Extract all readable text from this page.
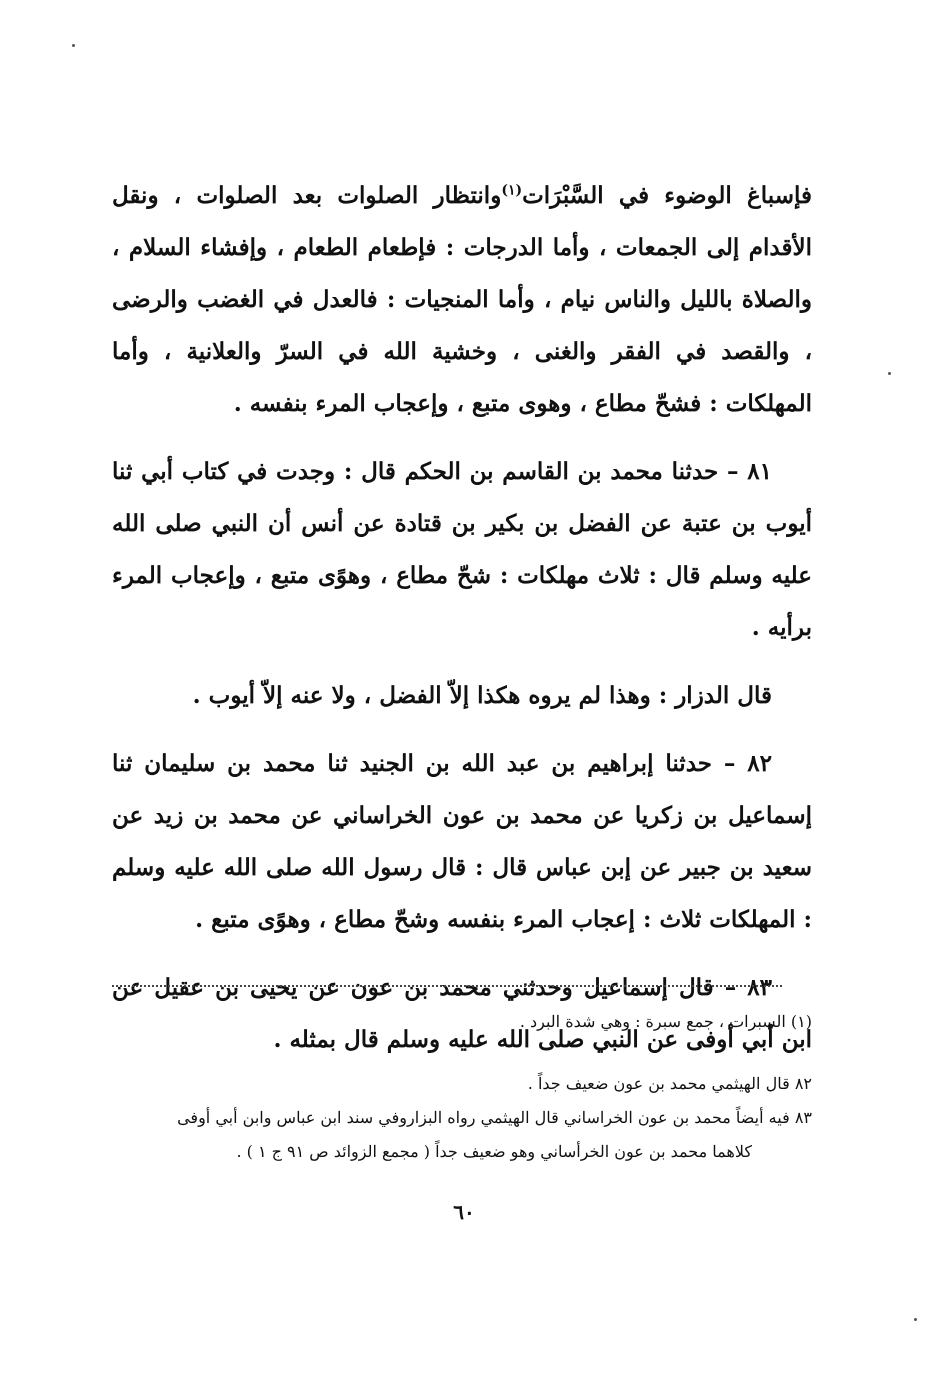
فإسباغ الوضوء في السَّبْرَات$^{(١)}$وانتظار الصلوات بعد الصلوات ، ونقل الأقدام إلى الجمعات ، وأما الدرجات : فإطعام الطعام ، وإفشاء السلام ، والصلاة بالليل والناس نيام ، وأما المنجيات : فالعدل في الغضب والرضى ، والقصد في الفقر والغنى ، وخشية الله في السرّ والعلانية ، وأما المهلكات : فشحّ مطاع ، وهوى متبع ، وإعجاب المرء بنفسه .

٨١ – حدثنا محمد بن القاسم بن الحكم قال : وجدت في كتاب أبي ثنا أيوب بن عتبة عن الفضل بن بكير بن قتادة عن أنس أن النبي صلى الله عليه وسلم قال : ثلاث مهلكات : شحّ مطاع ، وهوًى متبع ، وإعجاب المرء برأيه .

قال الدزار : وهذا لم يروه هكذا إلاّ الفضل ، ولا عنه إلاّ أيوب .

٨٢ – حدثنا إبراهيم بن عبد الله بن الجنيد ثنا محمد بن سليمان ثنا إسماعيل بن زكريا عن محمد بن عون الخراساني عن محمد بن زيد عن سعيد بن جبير عن إبن عباس قال : قال رسول الله صلى الله عليه وسلم : المهلكات ثلاث : إعجاب المرء بنفسه وشحّ مطاع ، وهوًى متبع .

٨٣ – قال إسماعيل وحدثني محمد بن عون عن يحيى بن عقيل عن ابن أبي أوفى عن النبي صلى الله عليه وسلم قال بمثله .

(١) السبرات ، جمع سبرة : وهي شدة البرد .

٨٢ قال الهيثمي محمد بن عون ضعيف جداً .

٨٣ فيه أيضاً محمد بن عون الخراساني قال الهيثمي رواه البزاروفي سند ابن عباس وابن أبي أوفى

كلاهما محمد بن عون الخرأساني وهو ضعيف جداً ( مجمع الزوائد ص ٩١ ج ١ ) .

٦٠
